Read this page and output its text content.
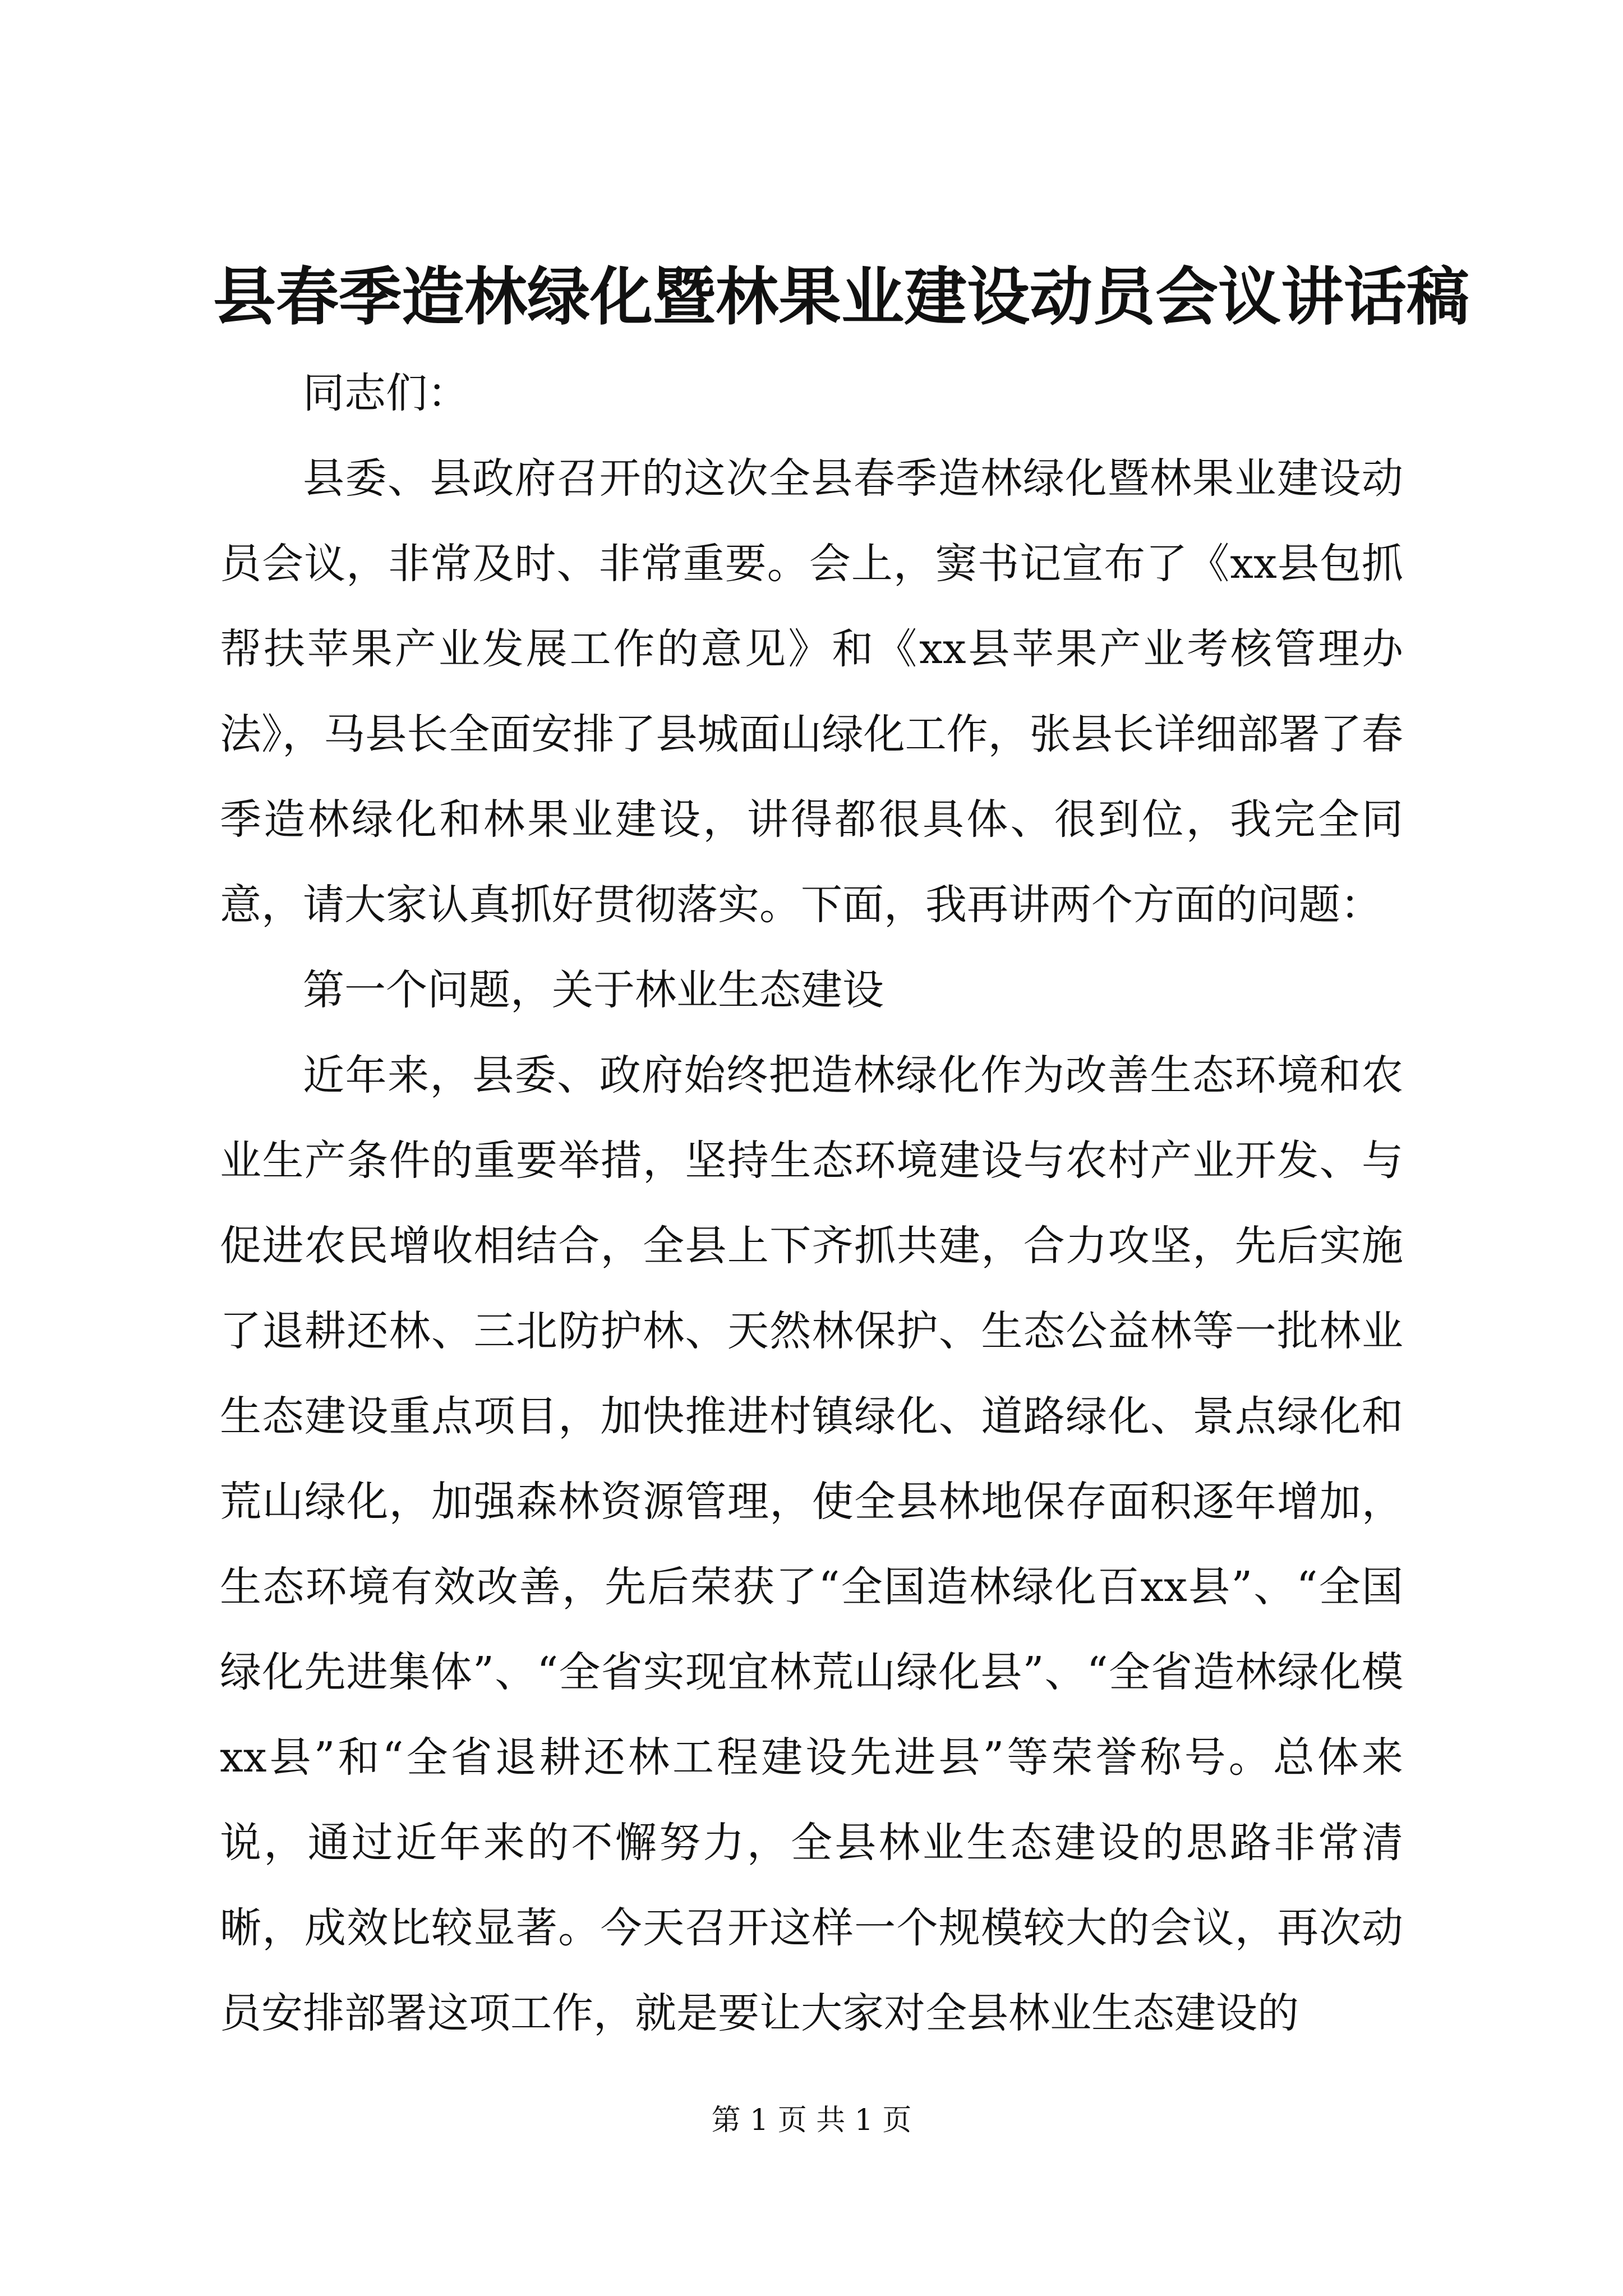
县春季造林绿化暨林果业建设动员会议讲话稿

同志们：

县委、县政府召开的这次全县春季造林绿化暨林果业建设动员会议，非常及时、非常重要。会上，窦书记宣布了《xx县包抓帮扶苹果产业发展工作的意见》和《xx县苹果产业考核管理办法》，马县长全面安排了县城面山绿化工作，张县长详细部署了春季造林绿化和林果业建设，讲得都很具体、很到位，我完全同意，请大家认真抓好贯彻落实。下面，我再讲两个方面的问题：

第一个问题，关于林业生态建设

近年来，县委、政府始终把造林绿化作为改善生态环境和农业生产条件的重要举措，坚持生态环境建设与农村产业开发、与促进农民增收相结合，全县上下齐抓共建，合力攻坚，先后实施了退耕还林、三北防护林、天然林保护、生态公益林等一批林业生态建设重点项目，加快推进村镇绿化、道路绿化、景点绿化和荒山绿化，加强森林资源管理，使全县林地保存面积逐年增加，生态环境有效改善，先后荣获了“全国造林绿化百xx县”、“全国绿化先进集体”、“全省实现宜林荒山绿化县”、“全省造林绿化模xx县”和“全省退耕还林工程建设先进县”等荣誉称号。总体来说，通过近年来的不懈努力，全县林业生态建设的思路非常清晰，成效比较显著。今天召开这样一个规模较大的会议，再次动员安排部署这项工作，就是要让大家对全县林业生态建设的

第 1 页 共 1 页
